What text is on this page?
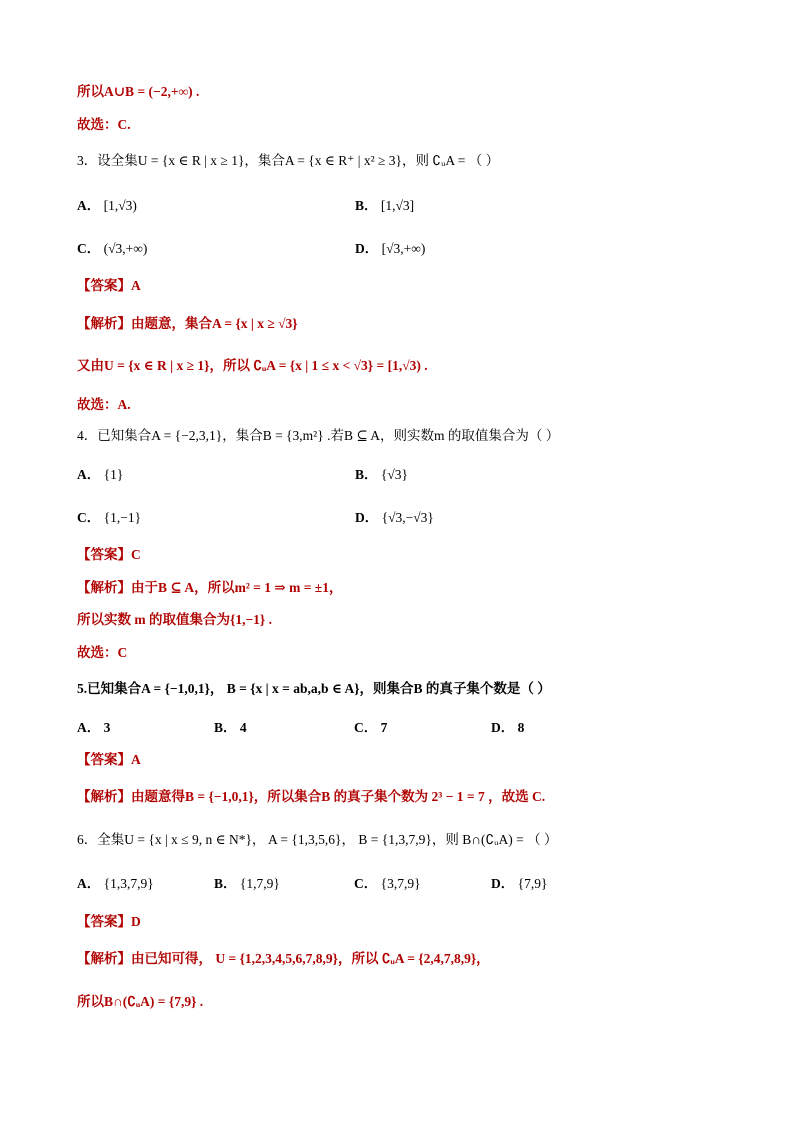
所以A∪B = (−2,+∞) .
故选：C.
3．设全集U = {x ∈ R | x ≥ 1}，集合A = {x ∈ R⁺ | x² ≥ 3}，则 ∁ᵤA = （ ）
A． [1,√3)	B． [1,√3]
C． (√3,+∞)	D． [√3,+∞)
【答案】A
【解析】由题意，集合A = {x | x ≥ √3}
又由U = {x ∈ R | x ≥ 1}，所以 ∁ᵤA = {x | 1 ≤ x < √3} = [1,√3) .
故选：A.
4．已知集合A = {−2,3,1}，集合B = {3,m²} .若B ⊆ A，则实数m 的取值集合为（ ）
A． {1}	B． {√3}
C． {1,−1}	D． {√3,−√3}
【答案】C
【解析】由于B ⊆ A，所以m² = 1 ⇒ m = ±1，
所以实数 m 的取值集合为{1,−1} .
故选：C
5.已知集合A = {−1,0,1}， B = {x | x = ab,a,b ∈ A}，则集合B 的真子集个数是（ ）
A． 3	B． 4	C． 7	D． 8
【答案】A
【解析】由题意得B = {−1,0,1}，所以集合B 的真子集个数为 2³ − 1 = 7 ，故选 C.
6．全集U = {x | x ≤ 9, n ∈ N*}， A = {1,3,5,6}， B = {1,3,7,9}，则 B∩(∁ᵤA) = （ ）
A． {1,3,7,9}	B． {1,7,9}	C． {3,7,9}	D． {7,9}
【答案】D
【解析】由已知可得， U = {1,2,3,4,5,6,7,8,9}，所以 ∁ᵤA = {2,4,7,8,9}，
所以B∩(∁ᵤA) = {7,9} .
